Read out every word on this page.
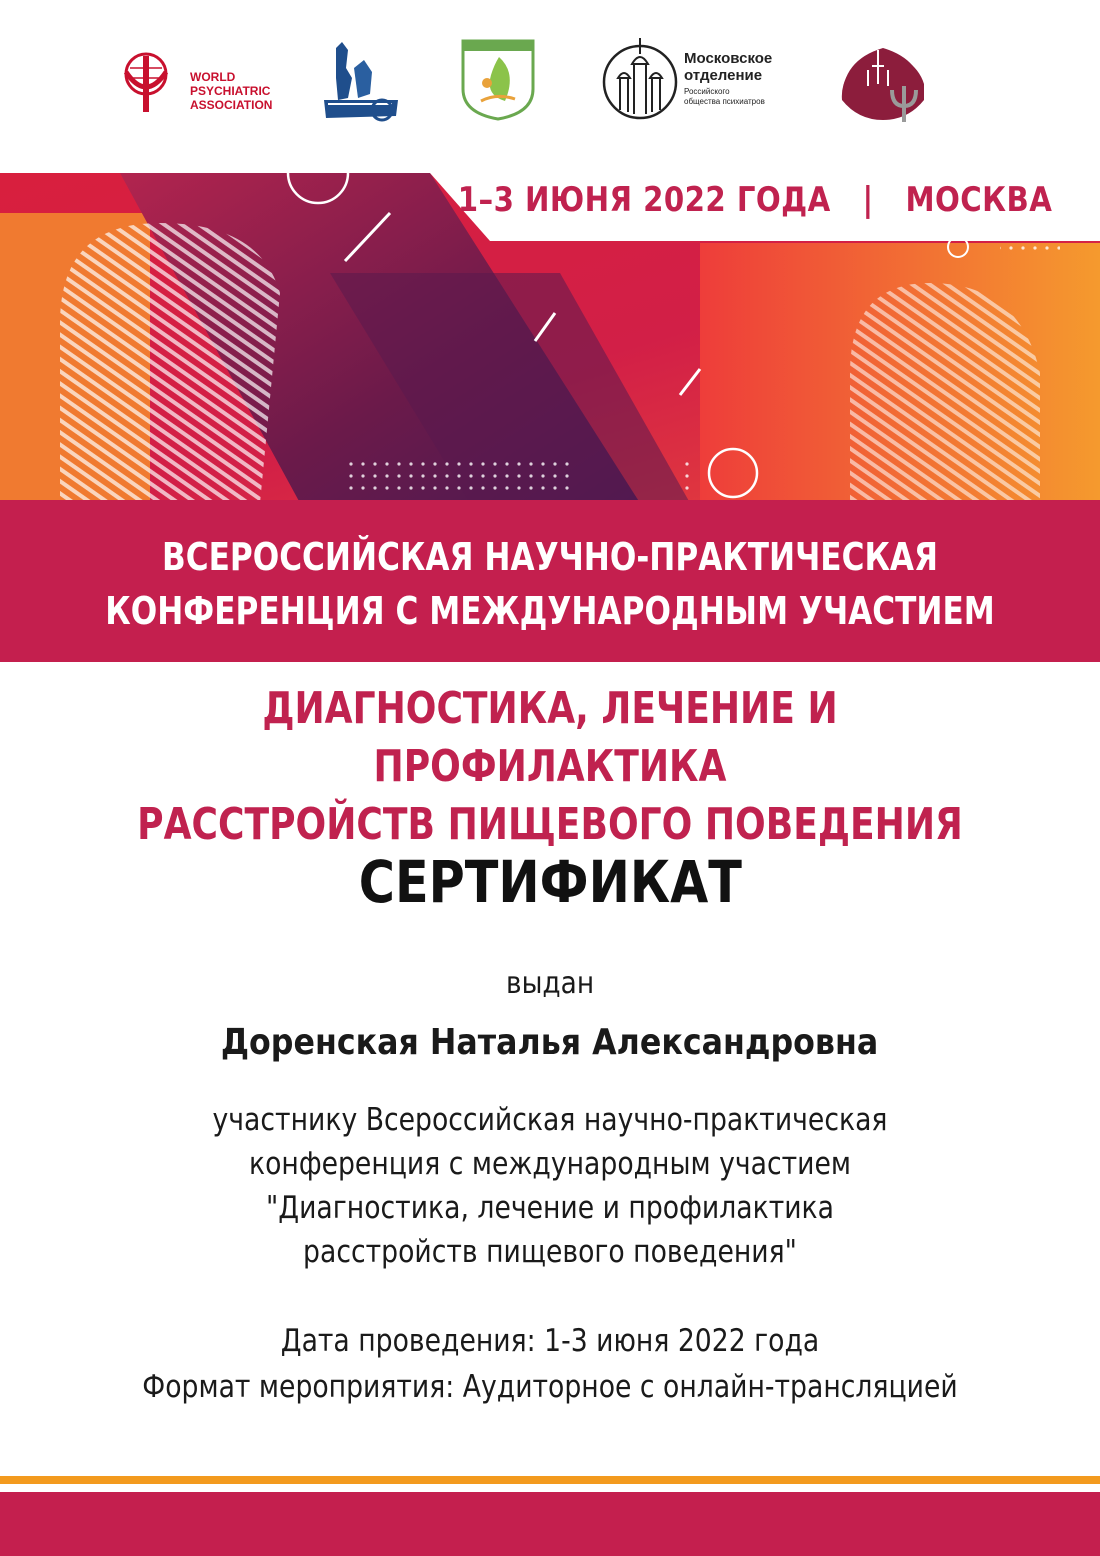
WORLD
PSYCHIATRIC
ASSOCIATION
Московское
отделение
Российского
общества психиатров
1–3 ИЮНЯ 2022 ГОДА | МОСКВА
ВСЕРОССИЙСКАЯ НАУЧНО-ПРАКТИЧЕСКАЯ
КОНФЕРЕНЦИЯ С МЕЖДУНАРОДНЫМ УЧАСТИЕМ
ДИАГНОСТИКА, ЛЕЧЕНИЕ И ПРОФИЛАКТИКА
РАССТРОЙСТВ ПИЩЕВОГО ПОВЕДЕНИЯ
СЕРТИФИКАТ
выдан
Доренская Наталья Александровна
участнику Всероссийская научно-практическая
конференция с международным участием
"Диагностика, лечение и профилактика
расстройств пищевого поведения"
Дата проведения: 1-3 июня 2022 года
Формат мероприятия: Аудиторное с онлайн-трансляцией
